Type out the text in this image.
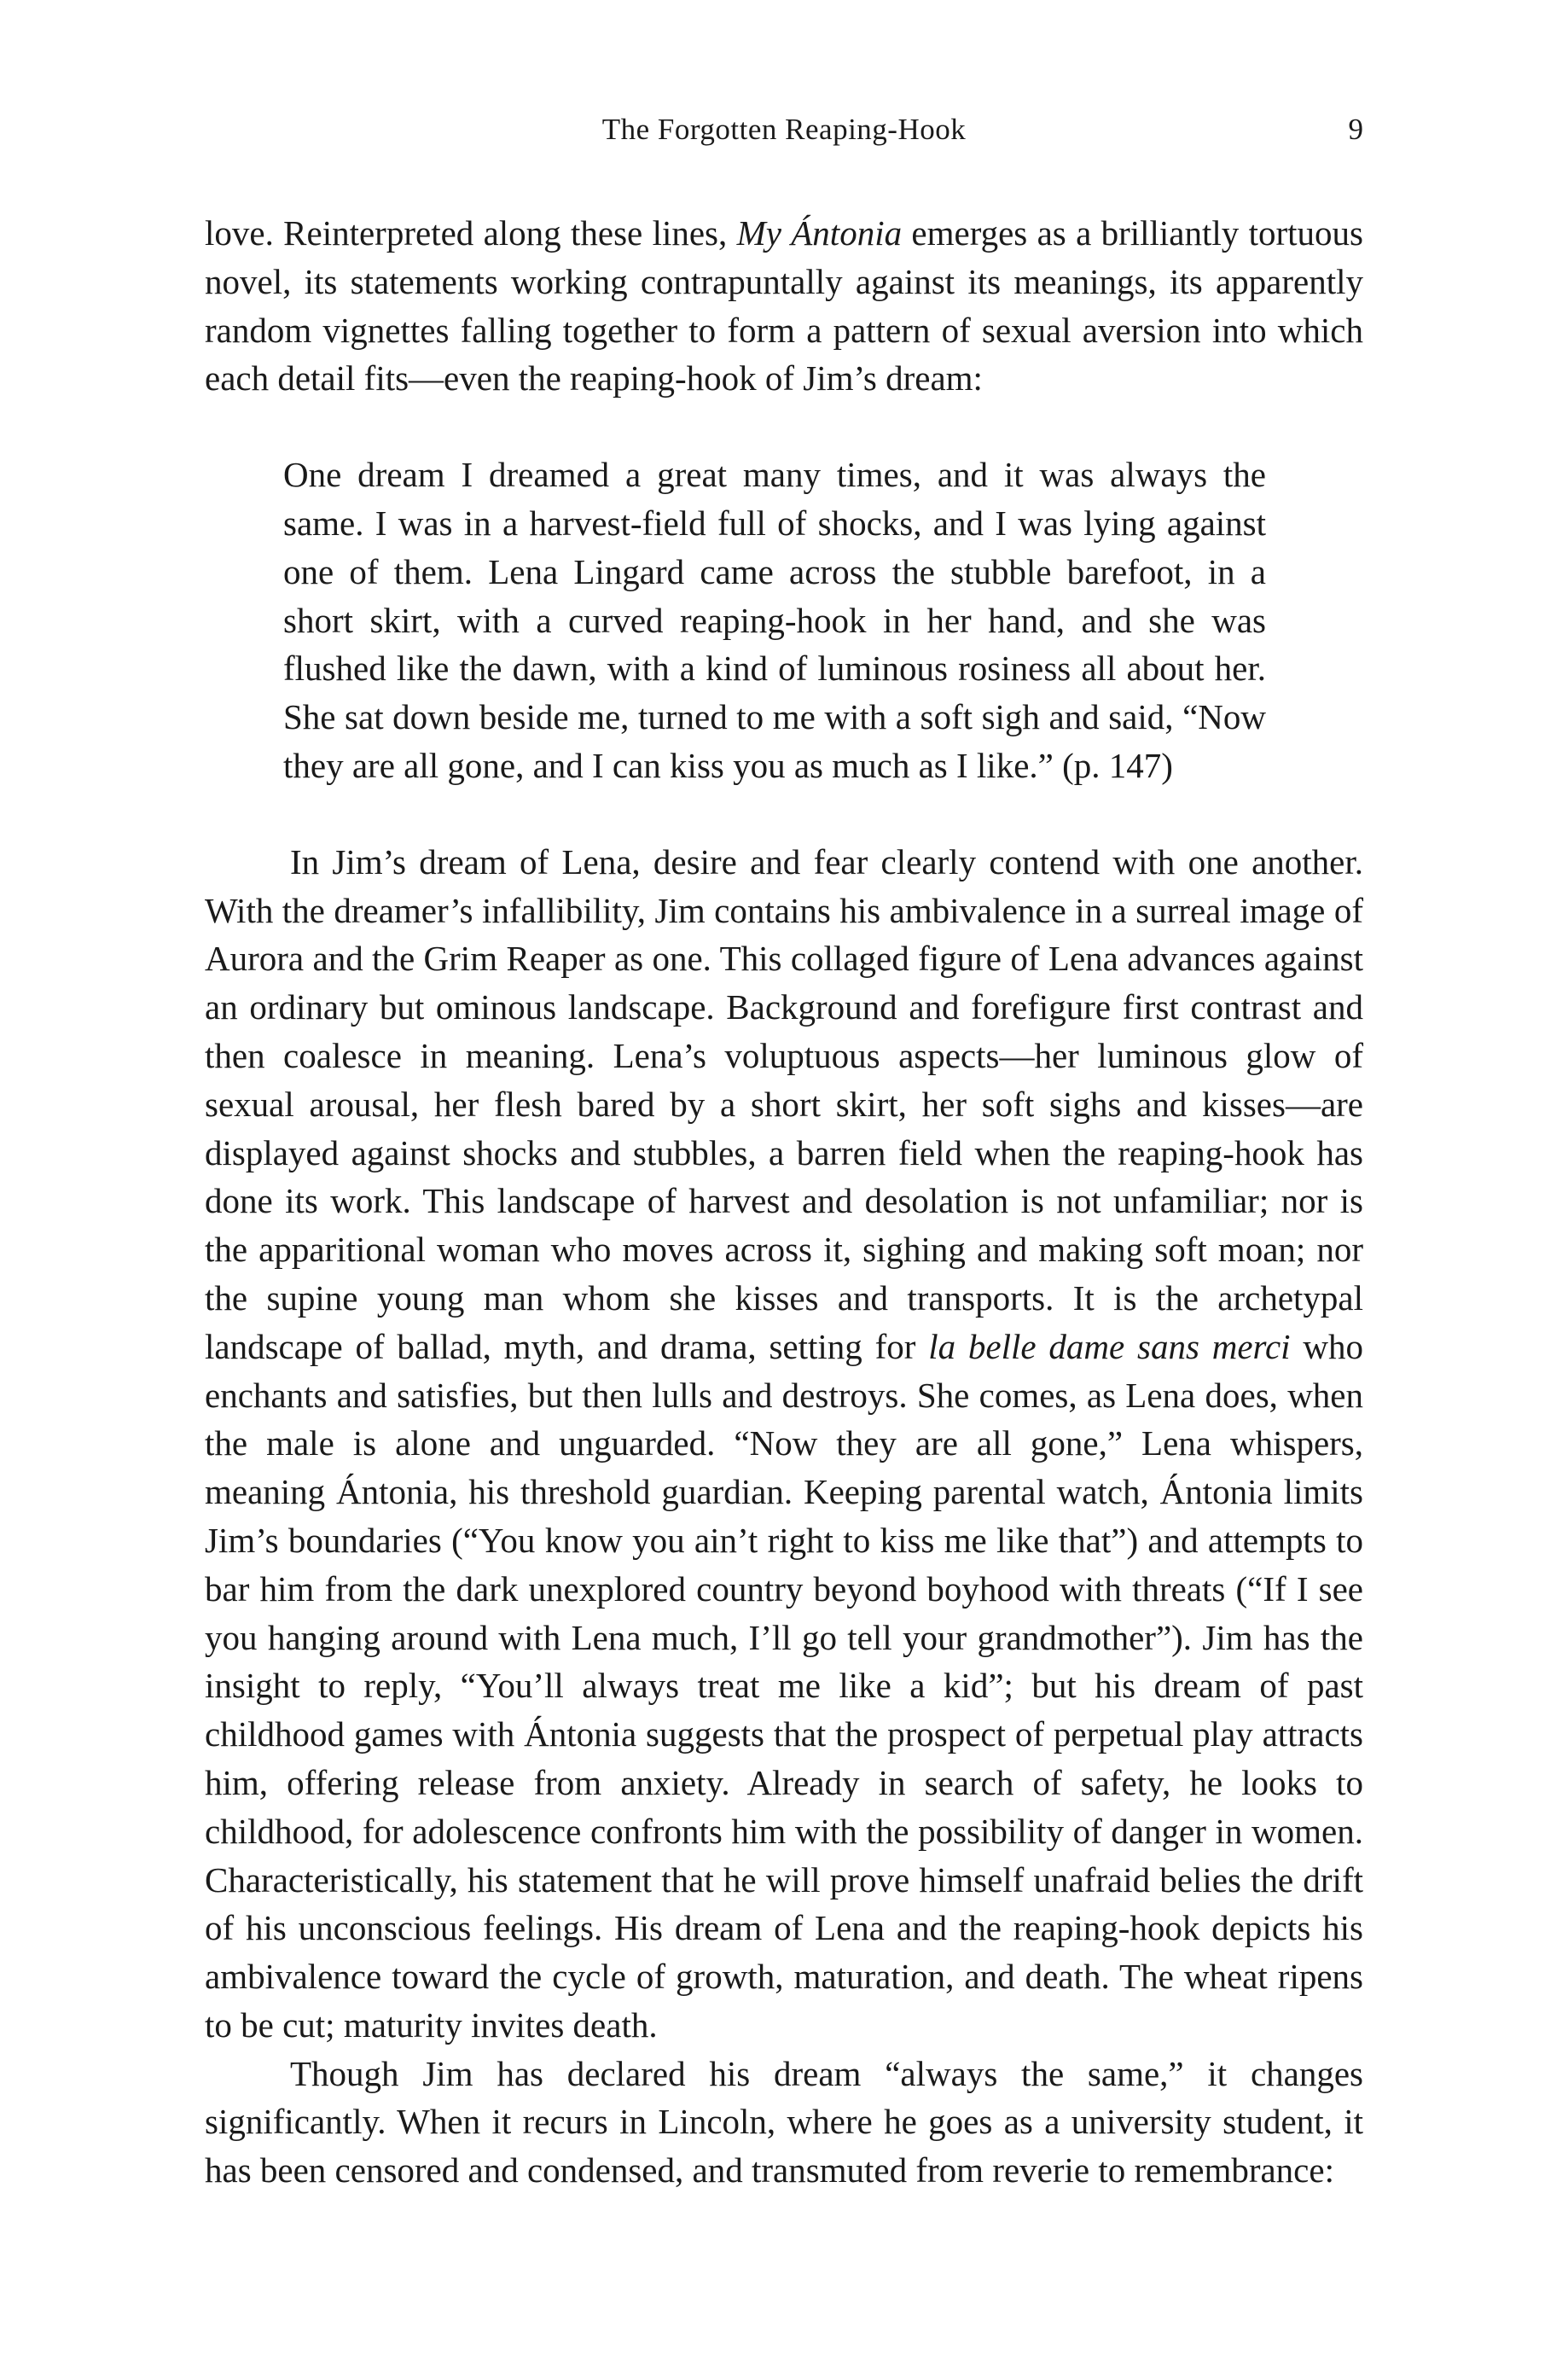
The Forgotten Reaping-Hook	9

love. Reinterpreted along these lines, My Ántonia emerges as a brilliantly tortuous novel, its statements working contrapuntally against its meanings, its apparently random vignettes falling together to form a pattern of sexual aversion into which each detail fits—even the reaping-hook of Jim’s dream:

One dream I dreamed a great many times, and it was always the same. I was in a harvest-field full of shocks, and I was lying against one of them. Lena Lingard came across the stubble barefoot, in a short skirt, with a curved reaping-hook in her hand, and she was flushed like the dawn, with a kind of luminous rosiness all about her. She sat down beside me, turned to me with a soft sigh and said, “Now they are all gone, and I can kiss you as much as I like.” (p. 147)

In Jim’s dream of Lena, desire and fear clearly contend with one another. With the dreamer’s infallibility, Jim contains his ambivalence in a surreal image of Aurora and the Grim Reaper as one. This collaged figure of Lena advances against an ordinary but ominous landscape. Background and forefigure first contrast and then coalesce in meaning. Lena’s voluptuous aspects—her luminous glow of sexual arousal, her flesh bared by a short skirt, her soft sighs and kisses—are displayed against shocks and stubbles, a barren field when the reaping-hook has done its work. This landscape of harvest and desolation is not unfamiliar; nor is the apparitional woman who moves across it, sighing and making soft moan; nor the supine young man whom she kisses and transports. It is the archetypal landscape of ballad, myth, and drama, setting for la belle dame sans merci who enchants and satisfies, but then lulls and destroys. She comes, as Lena does, when the male is alone and unguarded. “Now they are all gone,” Lena whispers, meaning Ántonia, his threshold guardian. Keeping parental watch, Ántonia limits Jim’s boundaries (“You know you ain’t right to kiss me like that”) and attempts to bar him from the dark unexplored country beyond boyhood with threats (“If I see you hanging around with Lena much, I’ll go tell your grandmother”). Jim has the insight to reply, “You’ll always treat me like a kid”; but his dream of past childhood games with Ántonia suggests that the prospect of perpetual play attracts him, offering release from anxiety. Already in search of safety, he looks to childhood, for adolescence confronts him with the possibility of danger in women. Characteristically, his statement that he will prove himself unafraid belies the drift of his unconscious feelings. His dream of Lena and the reaping-hook depicts his ambivalence toward the cycle of growth, maturation, and death. The wheat ripens to be cut; maturity invites death.

Though Jim has declared his dream “always the same,” it changes significantly. When it recurs in Lincoln, where he goes as a university student, it has been censored and condensed, and transmuted from reverie to remembrance:
